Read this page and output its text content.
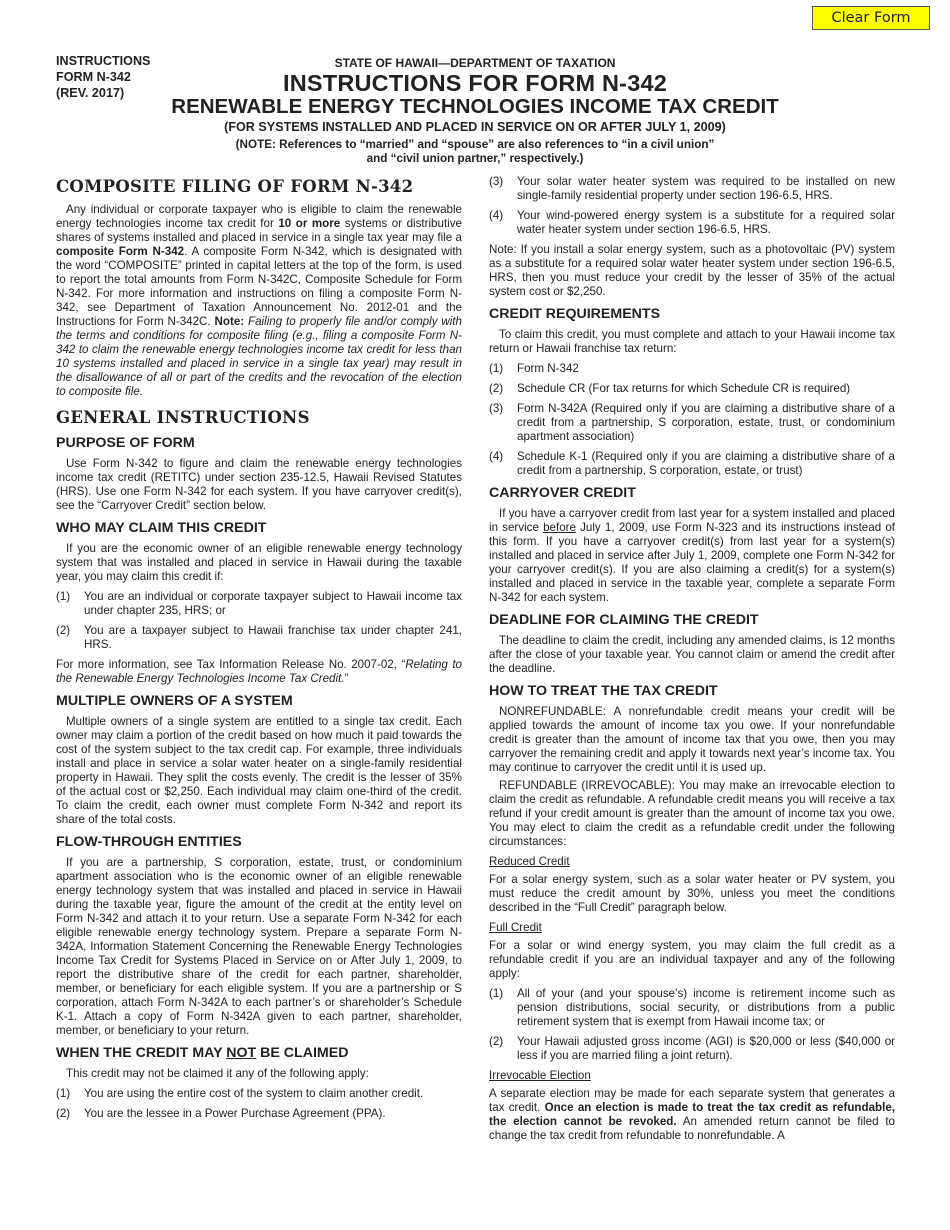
Clear Form
INSTRUCTIONS
FORM N-342
(REV. 2017)
STATE OF HAWAII—DEPARTMENT OF TAXATION
INSTRUCTIONS FOR FORM N-342
RENEWABLE ENERGY TECHNOLOGIES INCOME TAX CREDIT
(FOR SYSTEMS INSTALLED AND PLACED IN SERVICE ON OR AFTER JULY 1, 2009)
(NOTE: References to “married” and “spouse” are also references to “in a civil union”
and “civil union partner,” respectively.)
COMPOSITE FILING OF FORM N-342

Any individual or corporate taxpayer who is eligible to claim the renewable energy technologies income tax credit for 10 or more systems or distributive shares of systems installed and placed in service in a single tax year may file a composite Form N-342. A composite Form N-342, which is designated with the word “COMPOSITE” printed in capital letters at the top of the form, is used to report the total amounts from Form N-342C, Composite Schedule for Form N-342. For more information and instructions on filing a composite Form N-342, see Department of Taxation Announcement No. 2012-01 and the Instructions for Form N-342C. Note: Failing to properly file and/or comply with the terms and conditions for composite filing (e.g., filing a composite Form N-342 to claim the renewable energy technologies income tax credit for less than 10 systems installed and placed in service in a single tax year) may result in the disallowance of all or part of the credits and the revocation of the election to composite file.

GENERAL INSTRUCTIONS
PURPOSE OF FORM

Use Form N-342 to figure and claim the renewable energy technologies income tax credit (RETITC) under section 235-12.5, Hawaii Revised Statutes (HRS). Use one Form N-342 for each system. If you have carryover credit(s), see the “Carryover Credit” section below.

WHO MAY CLAIM THIS CREDIT

If you are the economic owner of an eligible renewable energy technology system that was installed and placed in service in Hawaii during the taxable year, you may claim this credit if:

(1)	You are an individual or corporate taxpayer subject to Hawaii income tax under chapter 235, HRS; or
(2)	You are a taxpayer subject to Hawaii franchise tax under chapter 241, HRS.

For more information, see Tax Information Release No. 2007-02, “Relating to the Renewable Energy Technologies Income Tax Credit.”

MULTIPLE OWNERS OF A SYSTEM

Multiple owners of a single system are entitled to a single tax credit. Each owner may claim a portion of the credit based on how much it paid towards the cost of the system subject to the tax credit cap. For example, three individuals install and place in service a solar water heater on a single-family residential property in Hawaii. They split the costs evenly. The credit is the lesser of 35% of the actual cost or $2,250. Each individual may claim one-third of the credit. To claim the credit, each owner must complete Form N-342 and report its share of the total costs.

FLOW-THROUGH ENTITIES

If you are a partnership, S corporation, estate, trust, or condominium apartment association who is the economic owner of an eligible renewable energy technology system that was installed and placed in service in Hawaii during the taxable year, figure the amount of the credit at the entity level on Form N-342 and attach it to your return. Use a separate Form N-342 for each eligible renewable energy technology system. Prepare a separate Form N-342A, Information Statement Concerning the Renewable Energy Technologies Income Tax Credit for Systems Placed in Service on or After July 1, 2009, to report the distributive share of the credit for each partner, shareholder, member, or beneficiary for each eligible system. If you are a partnership or S corporation, attach Form N-342A to each partner’s or shareholder’s Schedule K-1. Attach a copy of Form N-342A given to each partner, shareholder, member, or beneficiary to your return.

WHEN THE CREDIT MAY NOT BE CLAIMED

This credit may not be claimed it any of the following apply:

(1)	You are using the entire cost of the system to claim another credit.
(2)	You are the lessee in a Power Purchase Agreement (PPA).
(3)	Your solar water heater system was required to be installed on new single-family residential property under section 196-6.5, HRS.
(4)	Your wind-powered energy system is a substitute for a required solar water heater system under section 196-6.5, HRS.

Note: If you install a solar energy system, such as a photovoltaic (PV) system as a substitute for a required solar water heater system under section 196-6.5, HRS, then you must reduce your credit by the lesser of 35% of the actual system cost or $2,250.

CREDIT REQUIREMENTS

To claim this credit, you must complete and attach to your Hawaii income tax return or Hawaii franchise tax return:

(1)	Form N-342
(2)	Schedule CR (For tax returns for which Schedule CR is required)
(3)	Form N-342A (Required only if you are claiming a distributive share of a credit from a partnership, S corporation, estate, trust, or condominium apartment association)
(4)	Schedule K-1 (Required only if you are claiming a distributive share of a credit from a partnership, S corporation, estate, or trust)
CARRYOVER CREDIT

If you have a carryover credit from last year for a system installed and placed in service before July 1, 2009, use Form N-323 and its instructions instead of this form. If you have a carryover credit(s) from last year for a system(s) installed and placed in service after July 1, 2009, complete one Form N-342 for your carryover credit(s). If you are also claiming a credit(s) for a system(s) installed and placed in service in the taxable year, complete a separate Form N-342 for each system.

DEADLINE FOR CLAIMING THE CREDIT

The deadline to claim the credit, including any amended claims, is 12 months after the close of your taxable year. You cannot claim or amend the credit after the deadline.

HOW TO TREAT THE TAX CREDIT

NONREFUNDABLE: A nonrefundable credit means your credit will be applied towards the amount of income tax you owe. If your nonrefundable credit is greater than the amount of income tax that you owe, then you may carryover the remaining credit and apply it towards next year’s income tax. You may continue to carryover the credit until it is used up.

REFUNDABLE (IRREVOCABLE): You may make an irrevocable election to claim the credit as refundable. A refundable credit means you will receive a tax refund if your credit amount is greater than the amount of income tax you owe. You may elect to claim the credit as a refundable credit under the following circumstances:

Reduced Credit

For a solar energy system, such as a solar water heater or PV system, you must reduce the credit amount by 30%, unless you meet the conditions described in the “Full Credit” paragraph below.

Full Credit

For a solar or wind energy system, you may claim the full credit as a refundable credit if you are an individual taxpayer and any of the following apply:

(1)	All of your (and your spouse’s) income is retirement income such as pension distributions, social security, or distributions from a public retirement system that is exempt from Hawaii income tax; or
(2)	Your Hawaii adjusted gross income (AGI) is $20,000 or less ($40,000 or less if you are married filing a joint return).
Irrevocable Election

A separate election may be made for each separate system that generates a tax credit. Once an election is made to treat the tax credit as refundable, the election cannot be revoked. An amended return cannot be filed to change the tax credit from refundable to nonrefundable. A
